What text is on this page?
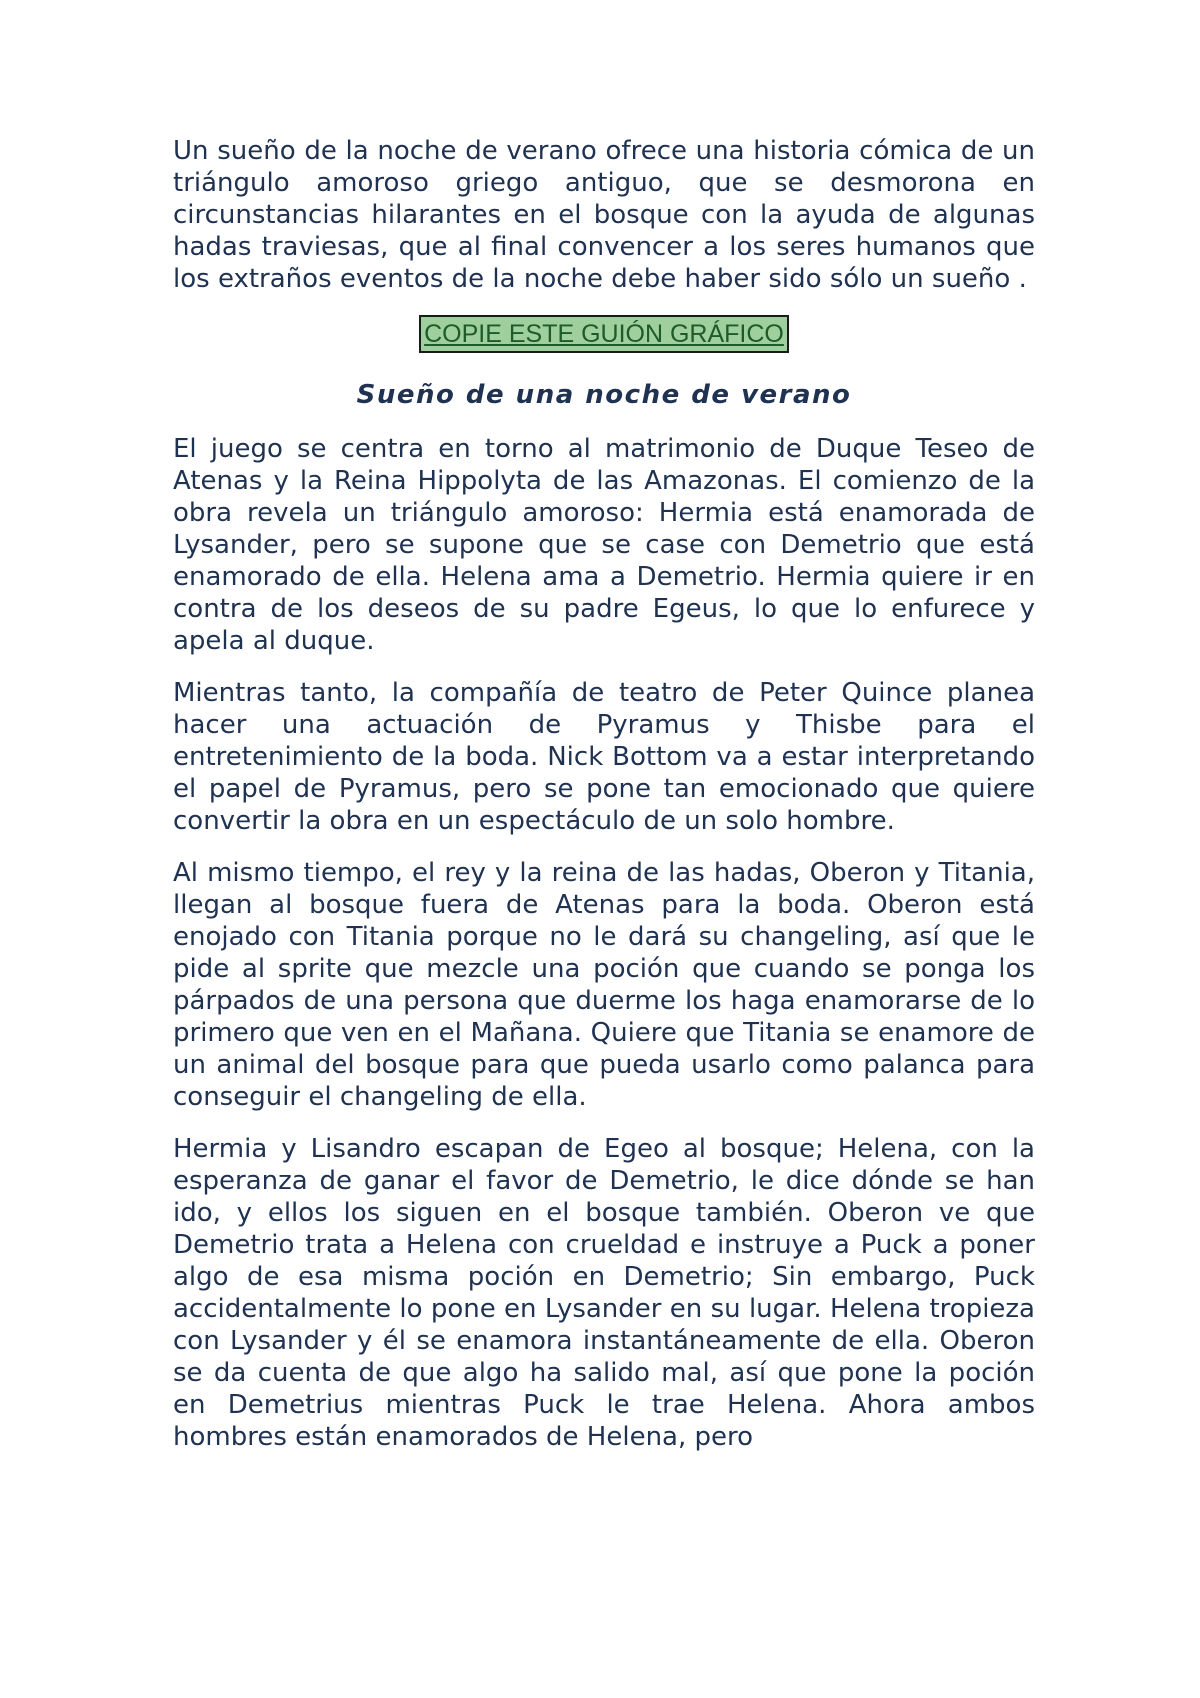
Un sueño de la noche de verano ofrece una historia cómica de un triángulo amoroso griego antiguo, que se desmorona en circunstancias hilarantes en el bosque con la ayuda de algunas hadas traviesas, que al final convencer a los seres humanos que los extraños eventos de la noche debe haber sido sólo un sueño .

COPIE ESTE GUIÓN GRÁFICO
Sueño de una noche de verano

El juego se centra en torno al matrimonio de Duque Teseo de Atenas y la Reina Hippolyta de las Amazonas. El comienzo de la obra revela un triángulo amoroso: Hermia está enamorada de Lysander, pero se supone que se case con Demetrio que está enamorado de ella. Helena ama a Demetrio. Hermia quiere ir en contra de los deseos de su padre Egeus, lo que lo enfurece y apela al duque.

Mientras tanto, la compañía de teatro de Peter Quince planea hacer una actuación de Pyramus y Thisbe para el entretenimiento de la boda. Nick Bottom va a estar interpretando el papel de Pyramus, pero se pone tan emocionado que quiere convertir la obra en un espectáculo de un solo hombre.

Al mismo tiempo, el rey y la reina de las hadas, Oberon y Titania, llegan al bosque fuera de Atenas para la boda. Oberon está enojado con Titania porque no le dará su changeling, así que le pide al sprite que mezcle una poción que cuando se ponga los párpados de una persona que duerme los haga enamorarse de lo primero que ven en el Mañana. Quiere que Titania se enamore de un animal del bosque para que pueda usarlo como palanca para conseguir el changeling de ella.

Hermia y Lisandro escapan de Egeo al bosque; Helena, con la esperanza de ganar el favor de Demetrio, le dice dónde se han ido, y ellos los siguen en el bosque también. Oberon ve que Demetrio trata a Helena con crueldad e instruye a Puck a poner algo de esa misma poción en Demetrio; Sin embargo, Puck accidentalmente lo pone en Lysander en su lugar. Helena tropieza con Lysander y él se enamora instantáneamente de ella. Oberon se da cuenta de que algo ha salido mal, así que pone la poción en Demetrius mientras Puck le trae Helena. Ahora ambos hombres están enamorados de Helena, pero
